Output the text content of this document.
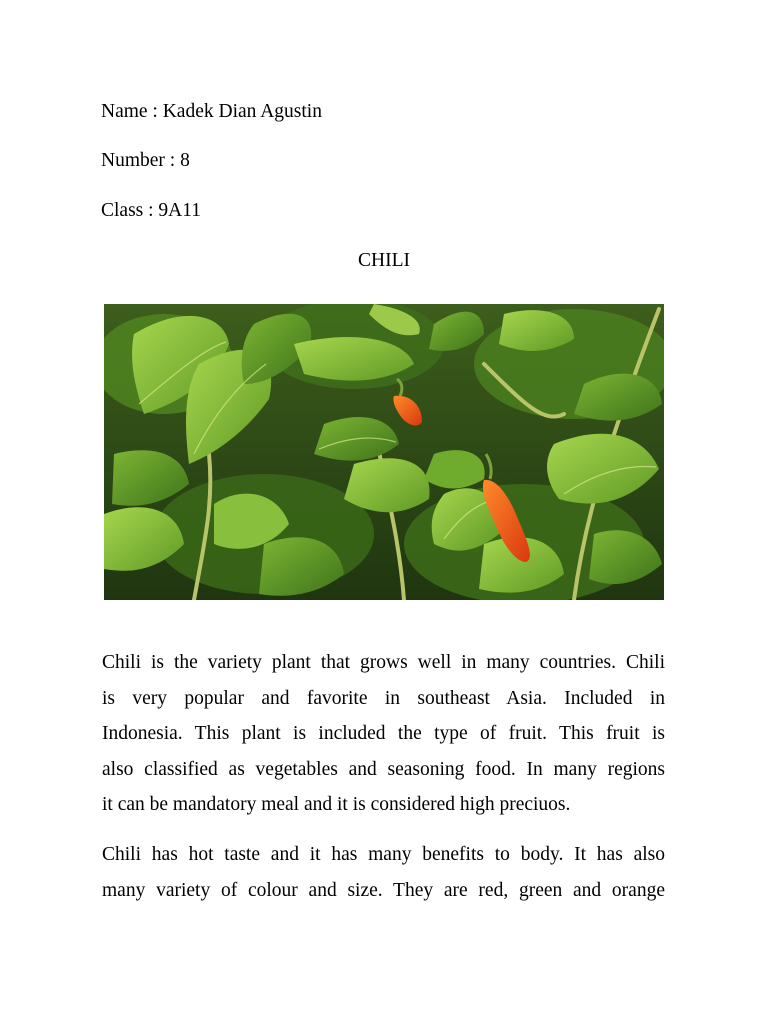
Name : Kadek Dian Agustin

Number : 8

Class : 9A11

CHILI

Chili is the variety plant that grows well in many countries. Chili
is very popular and favorite in southeast Asia. Included in
Indonesia. This plant is included the type of fruit. This fruit is
also classified as vegetables and seasoning food. In many regions
it can be mandatory meal and it is considered high preciuos.

Chili has hot taste and it has many benefits to body. It has also
many variety of colour and size. They are red, green and orange
